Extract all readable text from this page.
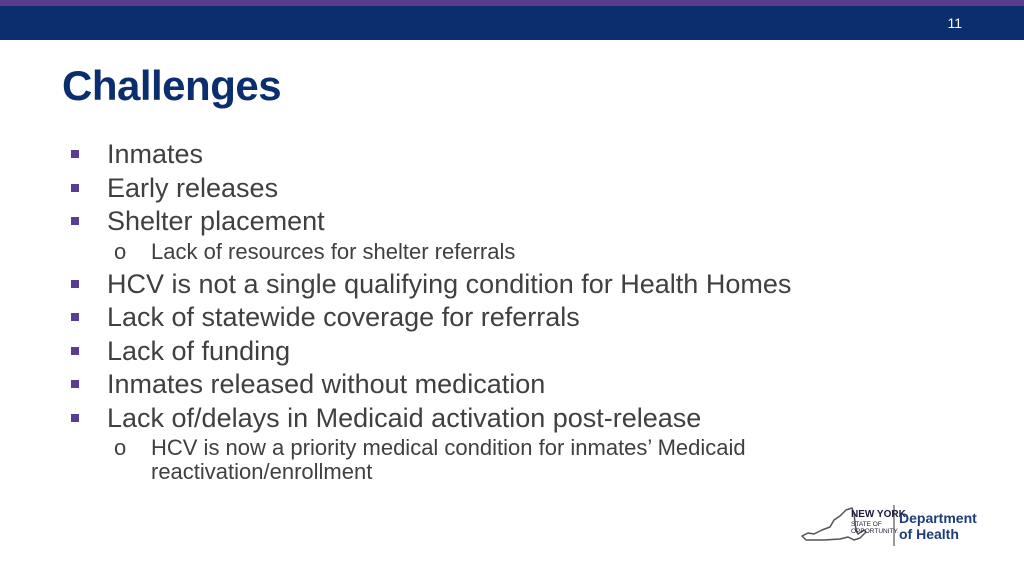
11
Challenges
Inmates
Early releases
Shelter placement
o Lack of resources for shelter referrals
HCV is not a single qualifying condition for Health Homes
Lack of statewide coverage for referrals
Lack of funding
Inmates released without medication
Lack of/delays in Medicaid activation post-release
o HCV is now a priority medical condition for inmates’ Medicaid reactivation/enrollment
NEW YORK
STATE OF
OPPORTUNITY.
Department
of Health
